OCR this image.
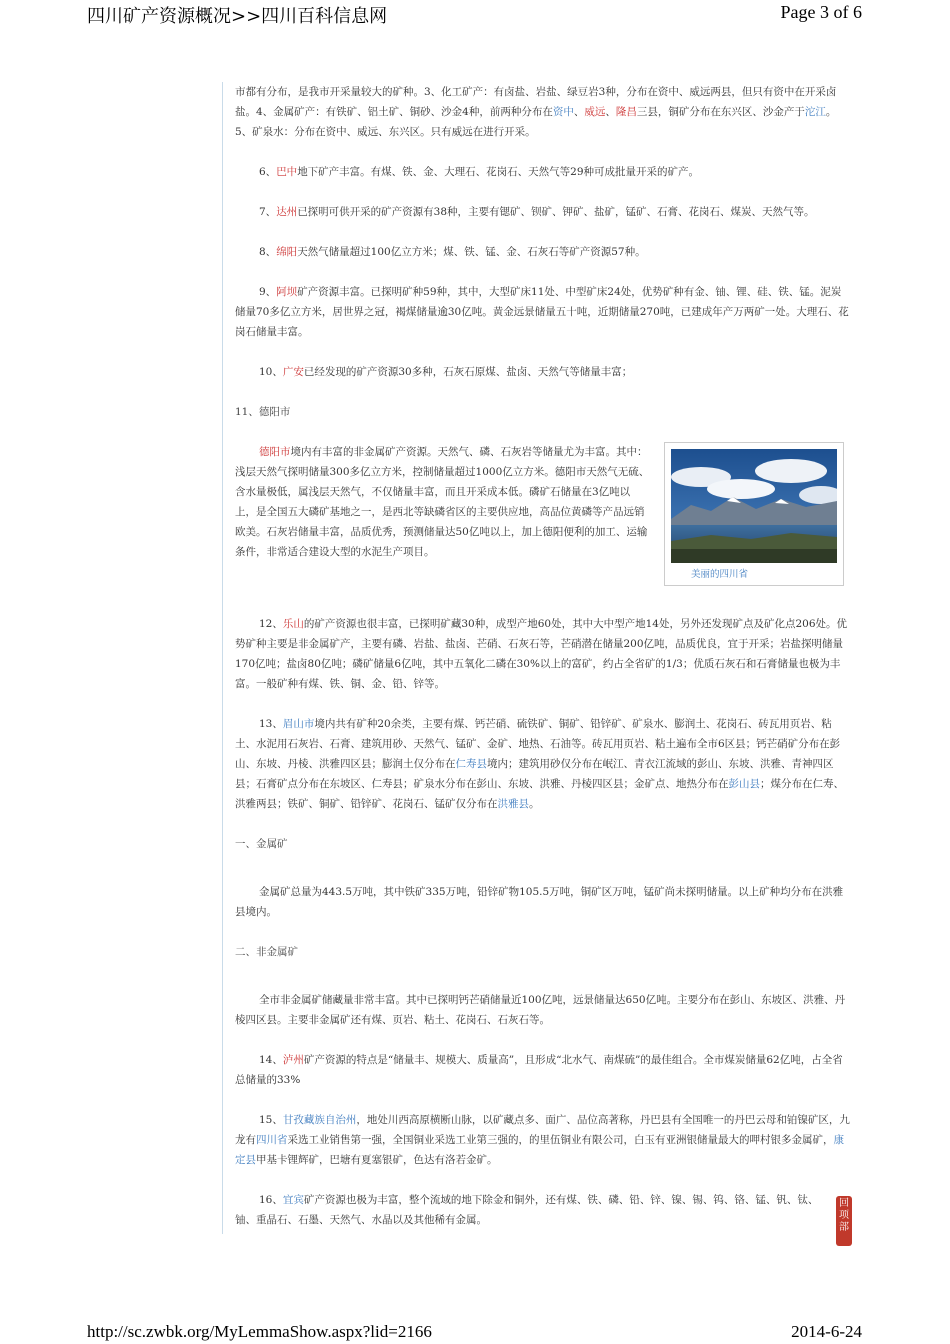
四川矿产资源概况>>四川百科信息网	Page 3 of 6

市都有分布，是我市开采量较大的矿种。3、化工矿产：有卤盐、岩盐、绿豆岩3种，分布在资中、威远两县，但只有资中在开采卤盐。4、金属矿产：有铁矿、铝土矿、铜砂、沙金4种，前两种分布在资中、威远、隆昌三县，铜矿分布在东兴区、沙金产于沱江。5、矿泉水：分布在资中、威远、东兴区。只有威远在进行开采。

6、巴中地下矿产丰富。有煤、铁、金、大理石、花岗石、天然气等29种可成批量开采的矿产。

7、达州已探明可供开采的矿产资源有38种，主要有锶矿、钡矿、钾矿、盐矿，锰矿、石膏、花岗石、煤炭、天然气等。

8、绵阳天然气储量超过100亿立方米；煤、铁、锰、金、石灰石等矿产资源57种。

9、阿坝矿产资源丰富。已探明矿种59种，其中，大型矿床11处、中型矿床24处，优势矿种有金、铀、锂、硅、铁、锰。泥炭储量70多亿立方米，居世界之冠，褐煤储量逾30亿吨。黄金远景储量五十吨，近期储量270吨，已建成年产万两矿一处。大理石、花岗石储量丰富。

10、广安已经发现的矿产资源30多种，石灰石原煤、盐卤、天然气等储量丰富；

11、德阳市

美丽的四川省
德阳市境内有丰富的非金属矿产资源。天然气、磷、石灰岩等储量尤为丰富。其中：浅层天然气探明储量300多亿立方米，控制储量超过1000亿立方米。德阳市天然气无硫、含水量极低，属浅层天然气，不仅储量丰富，而且开采成本低。磷矿石储量在3亿吨以上，是全国五大磷矿基地之一，是西北等缺磷省区的主要供应地，高品位黄磷等产品远销欧美。石灰岩储量丰富，品质优秀，预测储量达50亿吨以上，加上德阳便利的加工、运输条件，非常适合建设大型的水泥生产项目。

12、乐山的矿产资源也很丰富，已探明矿藏30种，成型产地60处，其中大中型产地14处，另外还发现矿点及矿化点206处。优势矿种主要是非金属矿产，主要有磷、岩盐、盐卤、芒硝、石灰石等，芒硝潜在储量200亿吨，品质优良，宜于开采；岩盐探明储量170亿吨；盐卤80亿吨；磷矿储量6亿吨，其中五氧化二磷在30%以上的富矿，约占全省矿的1/3；优质石灰石和石膏储量也极为丰富。一般矿种有煤、铁、铜、金、铅、锌等。

13、眉山市境内共有矿种20余类，主要有煤、钙芒硝、硫铁矿、铜矿、铅锌矿、矿泉水、膨润土、花岗石、砖瓦用页岩、粘土、水泥用石灰岩、石膏、建筑用砂、天然气、锰矿、金矿、地热、石油等。砖瓦用页岩、粘土遍布全市6区县；钙芒硝矿分布在彭山、东坡、丹棱、洪雅四区县；膨润土仅分布在仁寿县境内；建筑用砂仅分布在岷江、青衣江流域的彭山、东坡、洪雅、青神四区县；石膏矿点分布在东坡区、仁寿县；矿泉水分布在彭山、东坡、洪雅、丹棱四区县；金矿点、地热分布在彭山县；煤分布在仁寿、洪雅两县；铁矿、铜矿、铅锌矿、花岗石、锰矿仅分布在洪雅县。

一、金属矿

金属矿总量为443.5万吨，其中铁矿335万吨，铅锌矿物105.5万吨，铜矿区万吨，锰矿尚未探明储量。以上矿种均分布在洪雅县境内。

二、非金属矿

全市非金属矿储藏量非常丰富。其中已探明钙芒硝储量近100亿吨，远景储量达650亿吨。主要分布在彭山、东坡区、洪雅、丹棱四区县。主要非金属矿还有煤、页岩、粘土、花岗石、石灰石等。

14、泸州矿产资源的特点是“储量丰、规模大、质量高”，且形成“北水气、南煤硫”的最佳组合。全市煤炭储量62亿吨，占全省总储量的33%

15、甘孜藏族自治州，地处川西高原横断山脉，以矿藏点多、面广、品位高著称，丹巴县有全国唯一的丹巴云母和铂镍矿区，九龙有四川省采选工业销售第一强，全国铜业采选工业第三强的，的里伍铜业有限公司，白玉有亚洲银储量最大的呷村银多金属矿，康定县甲基卡锂辉矿，巴塘有夏塞银矿，色达有洛若金矿。

16、宜宾矿产资源也极为丰富，整个流域的地下除金和铜外，还有煤、铁、磷、铅、锌、镍、锡、钨、铬、锰、钒、钛、铀、重晶石、石墨、天然气、水晶以及其他稀有金属。

回项部
http://sc.zwbk.org/MyLemmaShow.aspx?lid=2166	2014-6-24
